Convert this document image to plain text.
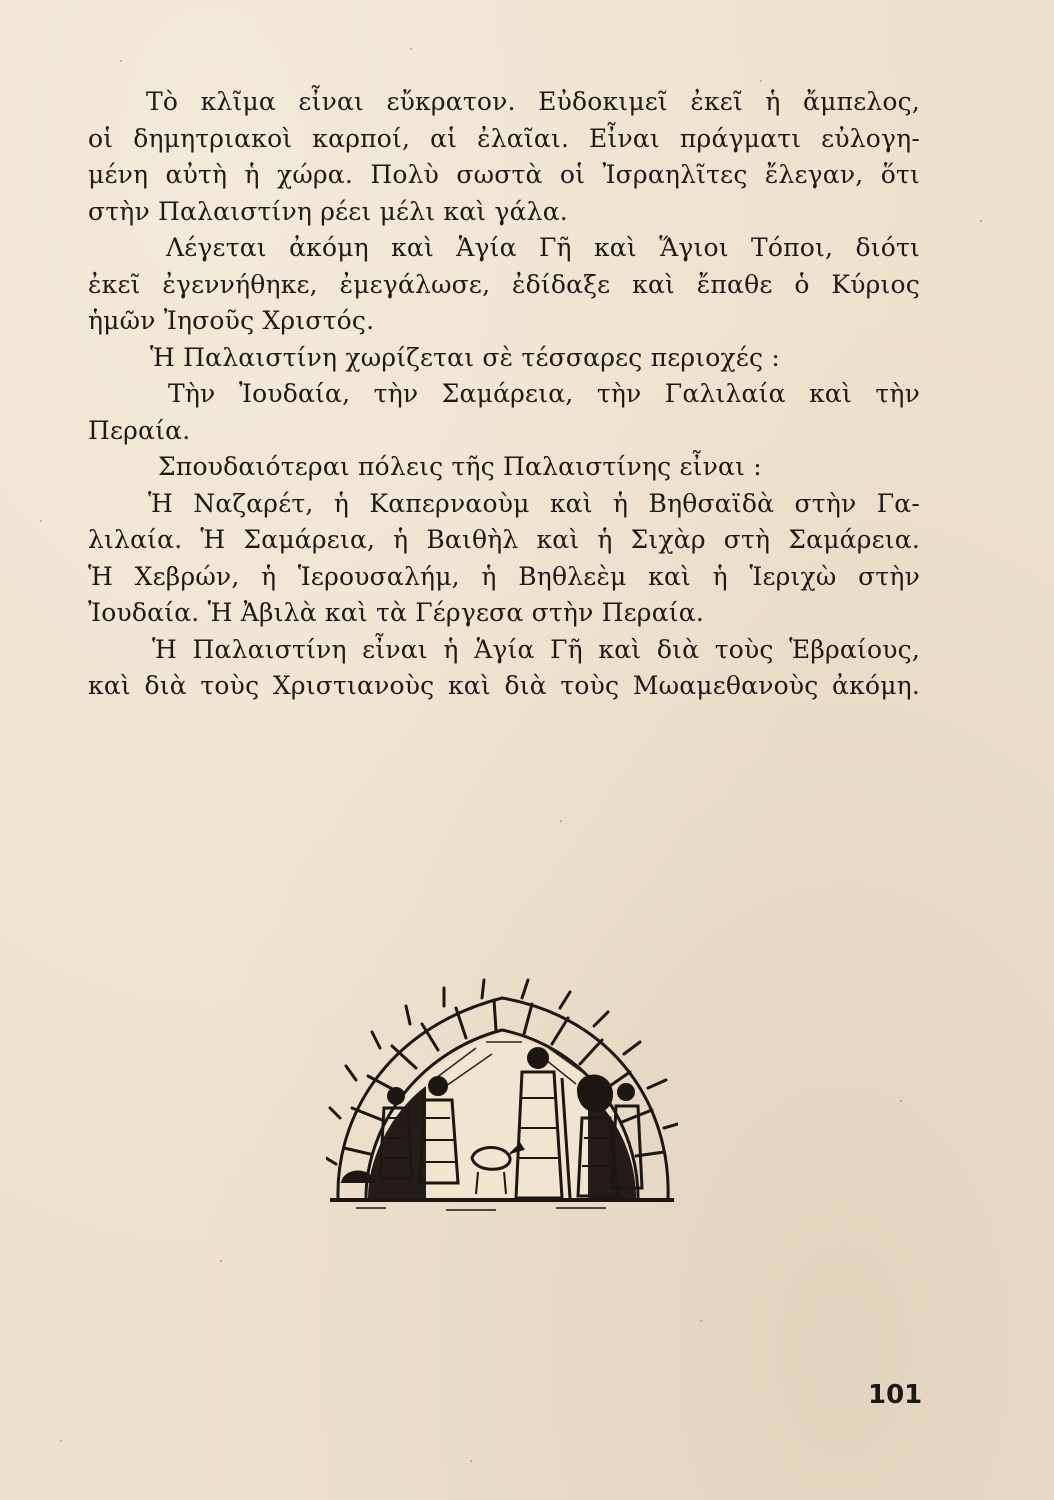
Τὸ κλῖμα εἶναι εὔκρατον. Εὐδοκιμεῖ ἐκεῖ ἡ ἄμπελος,
οἱ δημητριακοὶ καρποί, αἱ ἐλαῖαι. Εἶναι πράγματι εὐλογη-
μένη αὐτὴ ἡ χώρα. Πολὺ σωστὰ οἱ Ἰσραηλῖτες ἔλεγαν, ὅτι
στὴν Παλαιστίνη ρέει μέλι καὶ γάλα.
Λέγεται ἀκόμη καὶ Ἁγία Γῆ καὶ Ἅγιοι Τόποι, διότι
ἐκεῖ ἐγεννήθηκε, ἐμεγάλωσε, ἐδίδαξε καὶ ἔπαθε ὁ Κύριος
ἡμῶν Ἰησοῦς Χριστός.
Ἡ Παλαιστίνη χωρίζεται σὲ τέσσαρες περιοχές :
Τὴν Ἰουδαία, τὴν Σαμάρεια, τὴν Γαλιλαία καὶ τὴν
Περαία.
Σπουδαιότεραι πόλεις τῆς Παλαιστίνης εἶναι :
Ἡ Ναζαρέτ, ἡ Καπερναοὺμ καὶ ἡ Βηθσαϊδὰ στὴν Γα-
λιλαία. Ἡ Σαμάρεια, ἡ Βαιθὴλ καὶ ἡ Σιχὰρ στὴ Σαμάρεια.
Ἡ Χεβρών, ἡ Ἱερουσαλήμ, ἡ Βηθλεὲμ καὶ ἡ Ἱεριχὼ στὴν
Ἰουδαία. Ἡ Ἀβιλὰ καὶ τὰ Γέργεσα στὴν Περαία.
Ἡ Παλαιστίνη εἶναι ἡ Ἁγία Γῆ καὶ διὰ τοὺς Ἑβραίους,
καὶ διὰ τοὺς Χριστιανοὺς καὶ διὰ τοὺς Μωαμεθανοὺς ἀκόμη.
101
